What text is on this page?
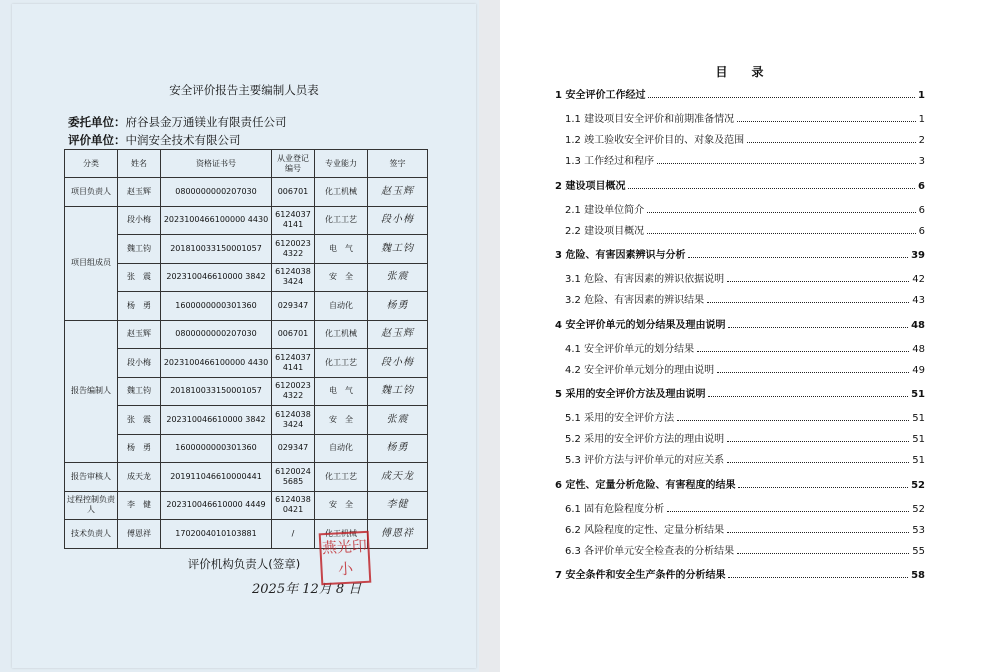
安全评价报告主要编制人员表
委托单位：府谷县金万通镁业有限责任公司
评价单位：中润安全技术有限公司
分类	姓名	资格证书号	从业登记编号	专业能力	签字
项目负责人	赵玉辉	0800000000207030	006701	化工机械	赵玉辉
项目组成员	段小梅	2023100466100000 4430	6124037 4141	化工工艺	段小梅
	魏工钧	201810033150001057	6120023 4322	电　气	魏工钧
	张　震	202310046610000 3842	6124038 3424	安　全	张震
	杨　勇	1600000000301360	029347	自动化	杨勇
报告编制人	赵玉辉	0800000000207030	006701	化工机械	赵玉辉
	段小梅	2023100466100000 4430	6124037 4141	化工工艺	段小梅
	魏工钧	201810033150001057	6120023 4322	电　气	魏工钧
	张　震	202310046610000 3842	6124038 3424	安　全	张震
	杨　勇	1600000000301360	029347	自动化	杨勇
报告审核人	成天龙	201911046610000441	6120024 5685	化工工艺	成天龙
过程控制负责人	李　健	202310046610000 4449	6124038 0421	安　全	李健
技术负责人	傅恩祥	1702004010103881	/	化工机械	傅恩祥
评价机构负责人(签章)
2025年 12月 8 日
燕光印小
目　录
1 安全评价工作经过	1
1.1 建设项目安全评价和前期准备情况	1
1.2 竣工验收安全评价目的、对象及范围	2
1.3 工作经过和程序	3
2 建设项目概况	6
2.1 建设单位简介	6
2.2 建设项目概况	6
3 危险、有害因素辨识与分析	39
3.1 危险、有害因素的辨识依据说明	42
3.2 危险、有害因素的辨识结果	43
4 安全评价单元的划分结果及理由说明	48
4.1 安全评价单元的划分结果	48
4.2 安全评价单元划分的理由说明	49
5 采用的安全评价方法及理由说明	51
5.1 采用的安全评价方法	51
5.2 采用的安全评价方法的理由说明	51
5.3 评价方法与评价单元的对应关系	51
6 定性、定量分析危险、有害程度的结果	52
6.1 固有危险程度分析	52
6.2 风险程度的定性、定量分析结果	53
6.3 各评价单元安全检查表的分析结果	55
7 安全条件和安全生产条件的分析结果	58
